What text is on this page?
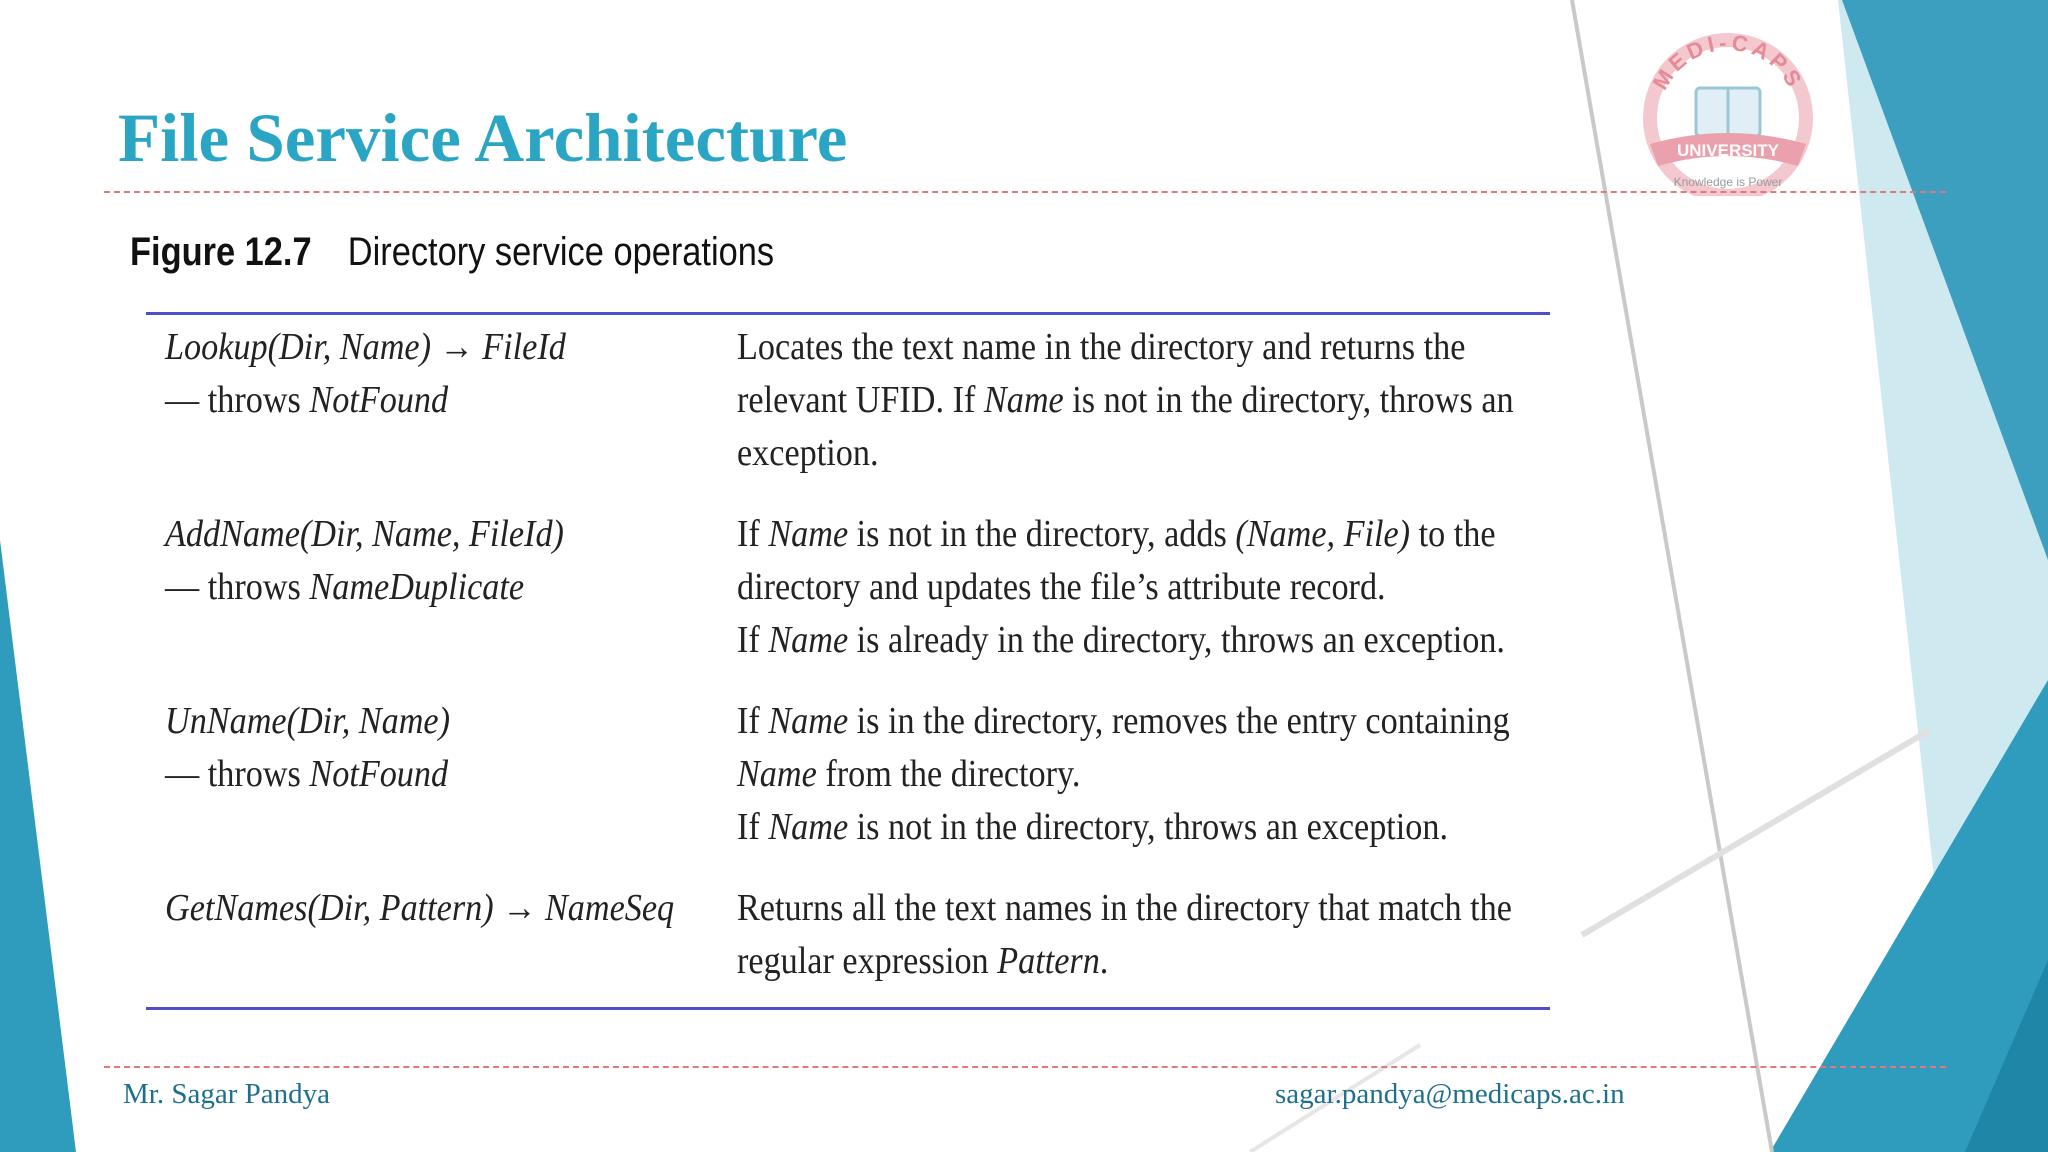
File Service Architecture
MEDI-CAPS
UNIVERSITY
Knowledge is Power
Figure 12.7 Directory service operations
Lookup(Dir, Name) → FileId
— throws NotFound
Locates the text name in the directory and returns the
relevant UFID. If Name is not in the directory, throws an
exception.
AddName(Dir, Name, FileId)
— throws NameDuplicate
If Name is not in the directory, adds (Name, File) to the
directory and updates the file’s attribute record.
If Name is already in the directory, throws an exception.
UnName(Dir, Name)
— throws NotFound
If Name is in the directory, removes the entry containing
Name from the directory.
If Name is not in the directory, throws an exception.
GetNames(Dir, Pattern) → NameSeq Returns all the text names in the directory that match the
regular expression Pattern.
Mr. Sagar Pandya	sagar.pandya@medicaps.ac.in
